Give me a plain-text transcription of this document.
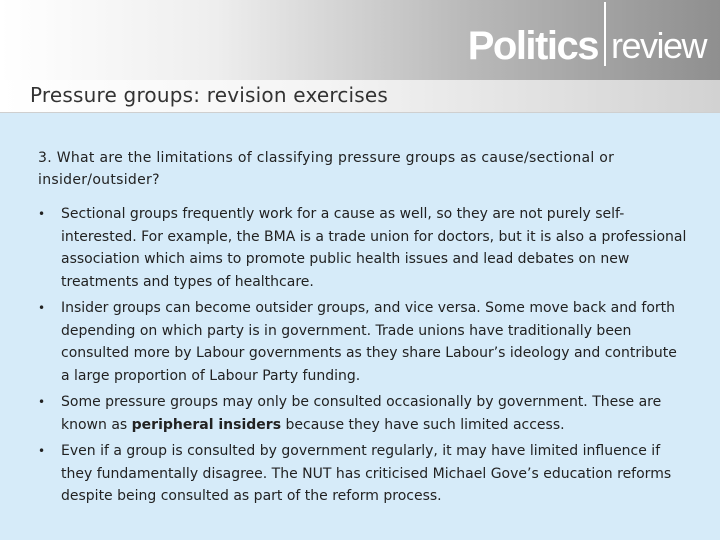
Politics review
Pressure groups: revision exercises

3. What are the limitations of classifying pressure groups as cause/sectional or insider/outsider?

• Sectional groups frequently work for a cause as well, so they are not purely self-interested. For example, the BMA is a trade union for doctors, but it is also a professional association which aims to promote public health issues and lead debates on new treatments and types of healthcare.
• Insider groups can become outsider groups, and vice versa. Some move back and forth depending on which party is in government. Trade unions have traditionally been consulted more by Labour governments as they share Labour’s ideology and contribute a large proportion of Labour Party funding.
• Some pressure groups may only be consulted occasionally by government. These are known as peripheral insiders because they have such limited access.
• Even if a group is consulted by government regularly, it may have limited influence if they fundamentally disagree. The NUT has criticised Michael Gove’s education reforms despite being consulted as part of the reform process.
